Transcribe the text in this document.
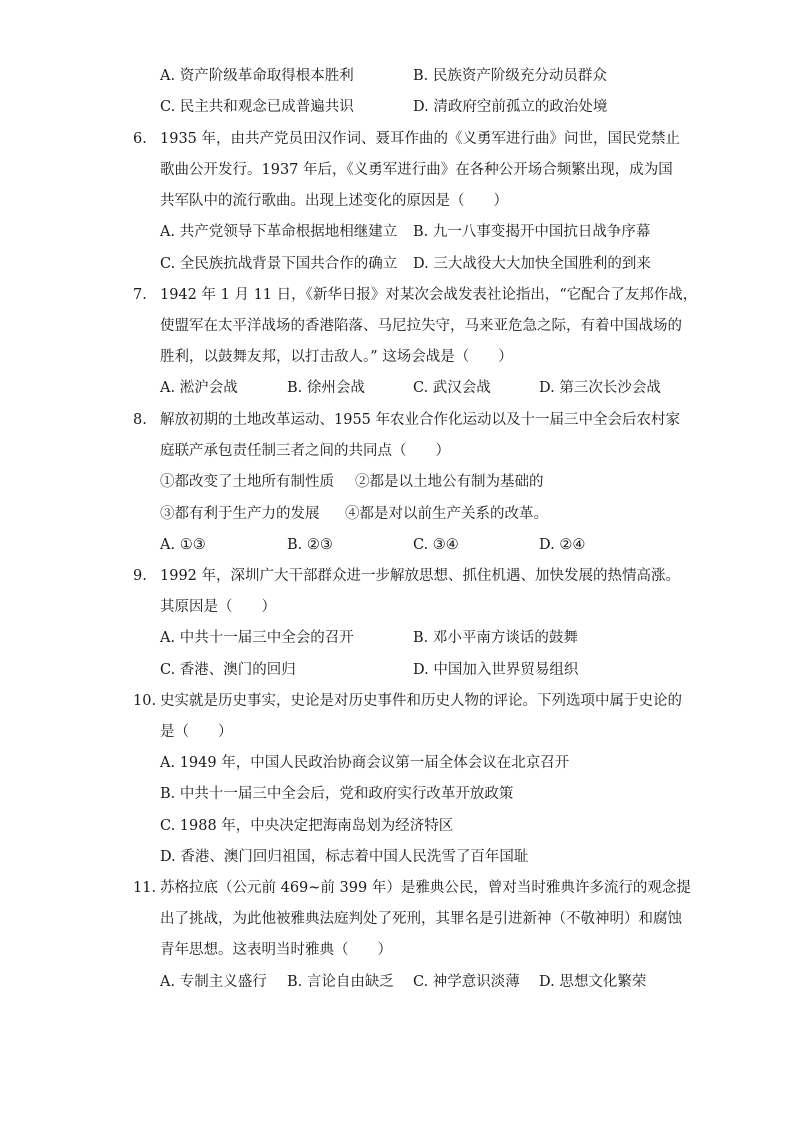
A. 资产阶级革命取得根本胜利	B. 民族资产阶级充分动员群众
C. 民主共和观念已成普遍共识	D. 清政府空前孤立的政治处境
6. 1935 年，由共产党员田汉作词、聂耳作曲的《义勇军进行曲》问世，国民党禁止
歌曲公开发行。1937 年后，《义勇军进行曲》在各种公开场合频繁出现，成为国
共军队中的流行歌曲。出现上述变化的原因是（　　）
A. 共产党领导下革命根据地相继建立 B. 九一八事变揭开中国抗日战争序幕
C. 全民族抗战背景下国共合作的确立 D. 三大战役大大加快全国胜利的到来
7. 1942 年 1 月 11 日，《新华日报》对某次会战发表社论指出，“它配合了友邦作战，
使盟军在太平洋战场的香港陷落、马尼拉失守，马来亚危急之际，有着中国战场的
胜利，以鼓舞友邦，以打击敌人。” 这场会战是（　　）
A. 淞沪会战	B. 徐州会战	C. 武汉会战	D. 第三次长沙会战
8. 解放初期的土地改革运动、1955 年农业合作化运动以及十一届三中全会后农村家
庭联产承包责任制三者之间的共同点（　　）
①都改变了土地所有制性质 ②都是以土地公有制为基础的
③都有利于生产力的发展 ④都是对以前生产关系的改革。
A. ①③	B. ②③	C. ③④	D. ②④
9. 1992 年，深圳广大干部群众进一步解放思想、抓住机遇、加快发展的热情高涨。
其原因是（　　）
A. 中共十一届三中全会的召开	B. 邓小平南方谈话的鼓舞
C. 香港、澳门的回归	D. 中国加入世界贸易组织
10. 史实就是历史事实，史论是对历史事件和历史人物的评论。下列选项中属于史论的
是（　　）
A. 1949 年，中国人民政治协商会议第一届全体会议在北京召开
B. 中共十一届三中全会后，党和政府实行改革开放政策
C. 1988 年，中央决定把海南岛划为经济特区
D. 香港、澳门回归祖国，标志着中国人民洗雪了百年国耻
11. 苏格拉底（公元前 469~前 399 年）是雅典公民，曾对当时雅典许多流行的观念提
出了挑战，为此他被雅典法庭判处了死刑，其罪名是引进新神（不敬神明）和腐蚀
青年思想。这表明当时雅典（　　）
A. 专制主义盛行 B. 言论自由缺乏 C. 神学意识淡薄 D. 思想文化繁荣
